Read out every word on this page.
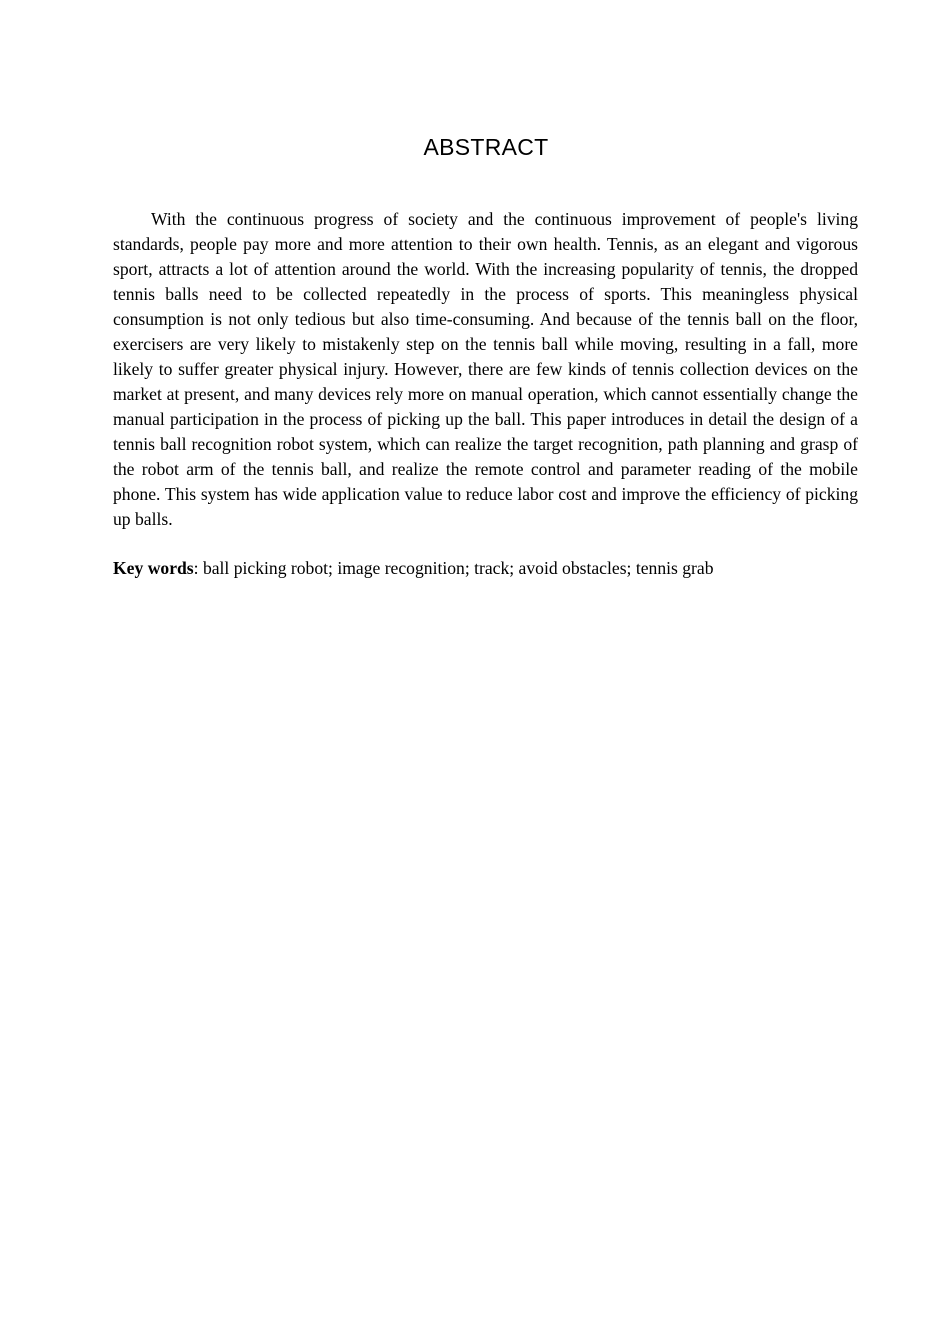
ABSTRACT

With the continuous progress of society and the continuous improvement of people's living standards, people pay more and more attention to their own health. Tennis, as an elegant and vigorous sport, attracts a lot of attention around the world. With the increasing popularity of tennis, the dropped tennis balls need to be collected repeatedly in the process of sports. This meaningless physical consumption is not only tedious but also time-consuming. And because of the tennis ball on the floor, exercisers are very likely to mistakenly step on the tennis ball while moving, resulting in a fall, more likely to suffer greater physical injury. However, there are few kinds of tennis collection devices on the market at present, and many devices rely more on manual operation, which cannot essentially change the manual participation in the process of picking up the ball. This paper introduces in detail the design of a tennis ball recognition robot system, which can realize the target recognition, path planning and grasp of the robot arm of the tennis ball, and realize the remote control and parameter reading of the mobile phone. This system has wide application value to reduce labor cost and improve the efficiency of picking up balls.

Key words: ball picking robot; image recognition; track; avoid obstacles; tennis grab
